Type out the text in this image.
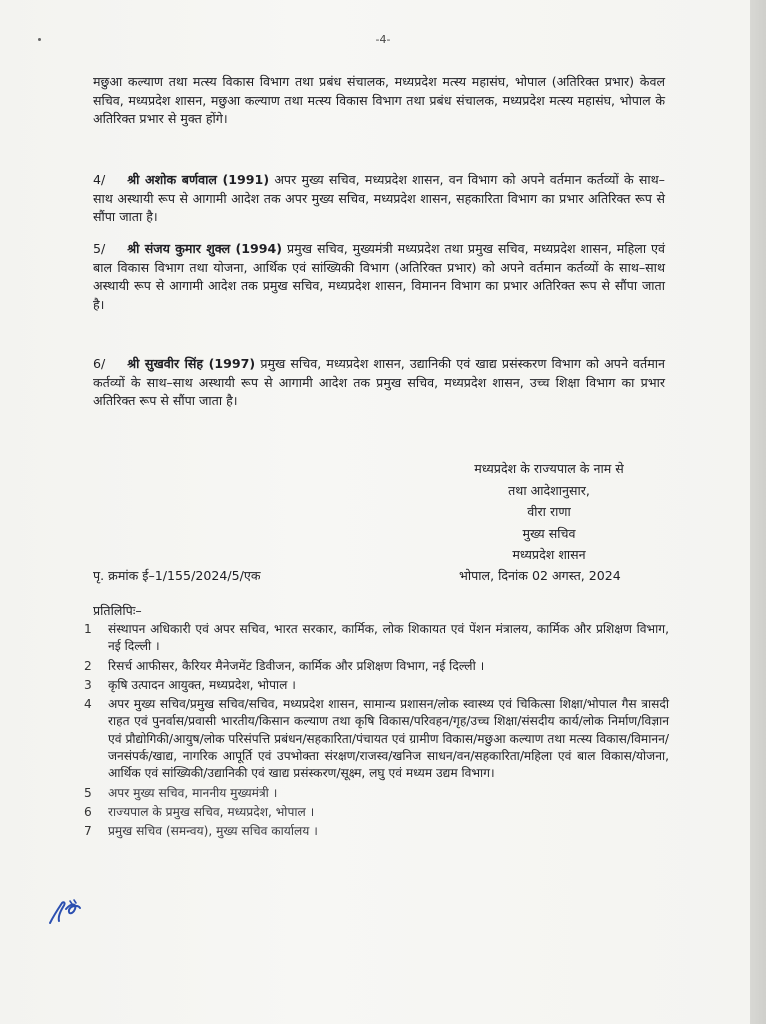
-4-

मछुआ कल्याण तथा मत्स्य विकास विभाग तथा प्रबंध संचालक, मध्यप्रदेश मत्स्य महासंघ, भोपाल (अतिरिक्त प्रभार) केवल सचिव, मध्यप्रदेश शासन, मछुआ कल्याण तथा मत्स्य विकास विभाग तथा प्रबंध संचालक, मध्यप्रदेश मत्स्य महासंघ, भोपाल के अतिरिक्त प्रभार से मुक्त होंगे।

4/ श्री अशोक बर्णवाल (1991) अपर मुख्य सचिव, मध्यप्रदेश शासन, वन विभाग को अपने वर्तमान कर्तव्यों के साथ–साथ अस्थायी रूप से आगामी आदेश तक अपर मुख्य सचिव, मध्यप्रदेश शासन, सहकारिता विभाग का प्रभार अतिरिक्त रूप से सौंपा जाता है।

5/ श्री संजय कुमार शुक्ल (1994) प्रमुख सचिव, मुख्यमंत्री मध्यप्रदेश तथा प्रमुख सचिव, मध्यप्रदेश शासन, महिला एवं बाल विकास विभाग तथा योजना, आर्थिक एवं सांख्यिकी विभाग (अतिरिक्त प्रभार) को अपने वर्तमान कर्तव्यों के साथ–साथ अस्थायी रूप से आगामी आदेश तक प्रमुख सचिव, मध्यप्रदेश शासन, विमानन विभाग का प्रभार अतिरिक्त रूप से सौंपा जाता है।

6/ श्री सुखवीर सिंह (1997) प्रमुख सचिव, मध्यप्रदेश शासन, उद्यानिकी एवं खाद्य प्रसंस्करण विभाग को अपने वर्तमान कर्तव्यों के साथ–साथ अस्थायी रूप से आगामी आदेश तक प्रमुख सचिव, मध्यप्रदेश शासन, उच्च शिक्षा विभाग का प्रभार अतिरिक्त रूप से सौंपा जाता है।

मध्यप्रदेश के राज्यपाल के नाम से
तथा आदेशानुसार,
वीरा राणा
मुख्य सचिव
मध्यप्रदेश शासन
पृ. क्रमांक ई–1/155/2024/5/एक	भोपाल, दिनांक 02 अगस्त, 2024
प्रतिलिपिः–
1	संस्थापन अधिकारी एवं अपर सचिव, भारत सरकार, कार्मिक, लोक शिकायत एवं पेंशन मंत्रालय, कार्मिक और प्रशिक्षण विभाग, नई दिल्ली ।
2	रिसर्च आफीसर, कैरियर मैनेजमेंट डिवीजन, कार्मिक और प्रशिक्षण विभाग, नई दिल्ली ।
3	कृषि उत्पादन आयुक्त, मध्यप्रदेश, भोपाल ।
4	अपर मुख्य सचिव/प्रमुख सचिव/सचिव, मध्यप्रदेश शासन, सामान्य प्रशासन/लोक स्वास्थ्य एवं चिकित्सा शिक्षा/भोपाल गैस त्रासदी राहत एवं पुनर्वास/प्रवासी भारतीय/किसान कल्याण तथा कृषि विकास/परिवहन/गृह/उच्च शिक्षा/संसदीय कार्य/लोक निर्माण/विज्ञान एवं प्रौद्योगिकी/आयुष/लोक परिसंपत्ति प्रबंधन/सहकारिता/पंचायत एवं ग्रामीण विकास/मछुआ कल्याण तथा मत्स्य विकास/विमानन/जनसंपर्क/खाद्य, नागरिक आपूर्ति एवं उपभोक्ता संरक्षण/राजस्व/खनिज साधन/वन/सहकारिता/महिला एवं बाल विकास/योजना, आर्थिक एवं सांख्यिकी/उद्यानिकी एवं खाद्य प्रसंस्करण/सूक्ष्म, लघु एवं मध्यम उद्यम विभाग।
5	अपर मुख्य सचिव, माननीय मुख्यमंत्री ।
6	राज्यपाल के प्रमुख सचिव, मध्यप्रदेश, भोपाल ।
7	प्रमुख सचिव (समन्वय), मुख्य सचिव कार्यालय ।
